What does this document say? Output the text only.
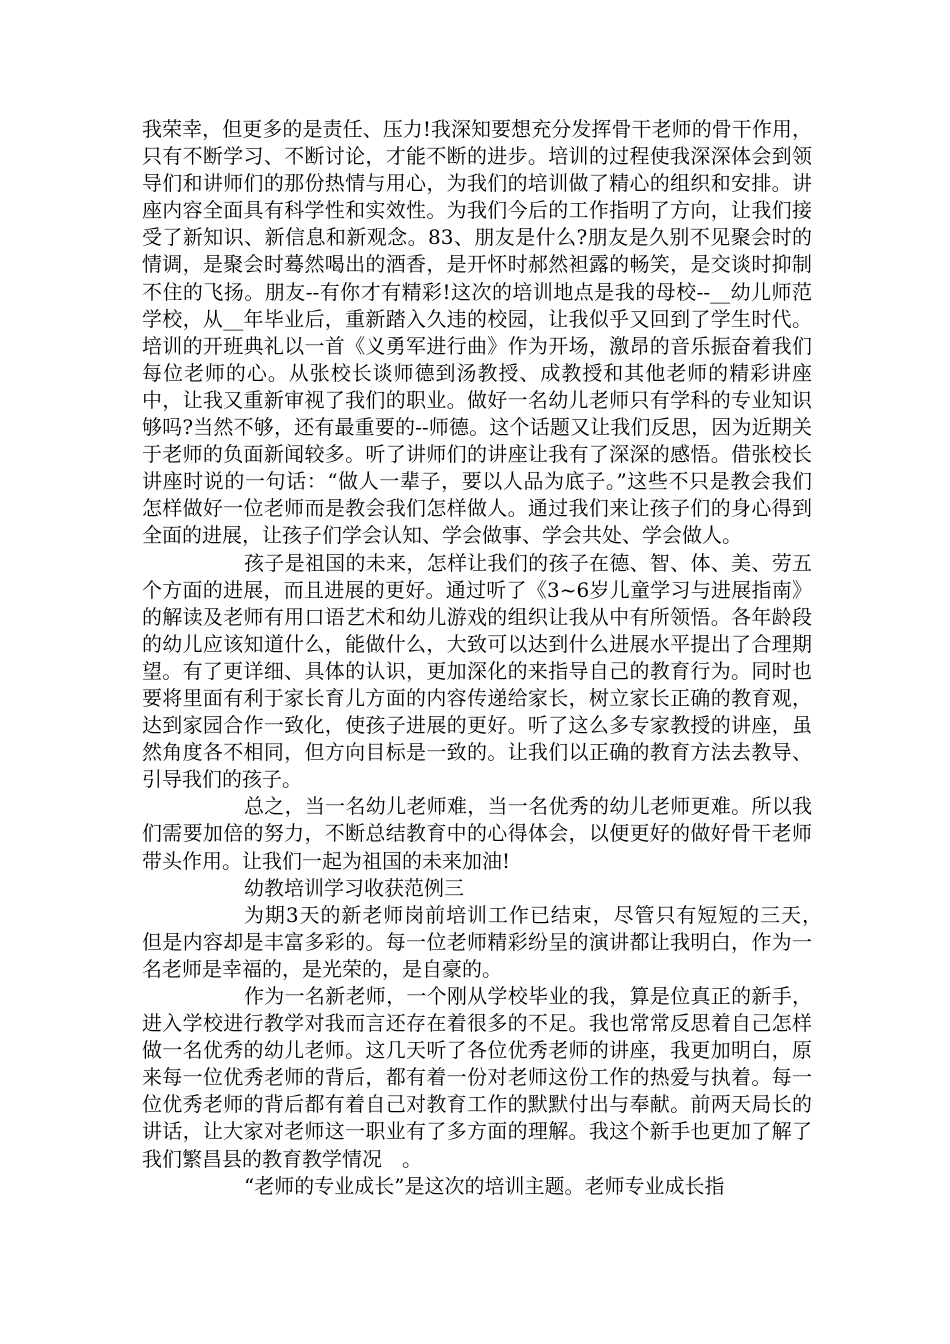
我荣幸，但更多的是责任、压力!我深知要想充分发挥骨干老师的骨干作用，只有不断学习、不断讨论，才能不断的进步。培训的过程使我深深体会到领导们和讲师们的那份热情与用心，为我们的培训做了精心的组织和安排。讲座内容全面具有科学性和实效性。为我们今后的工作指明了方向，让我们接受了新知识、新信息和新观念。83、朋友是什么?朋友是久别不见聚会时的情调，是聚会时蓦然喝出的酒香，是开怀时郝然袒露的畅笑，是交谈时抑制不住的飞扬。朋友--有你才有精彩!这次的培训地点是我的母校--__幼儿师范学校，从__年毕业后，重新踏入久违的校园，让我似乎又回到了学生时代。培训的开班典礼以一首《义勇军进行曲》作为开场，激昂的音乐振奋着我们每位老师的心。从张校长谈师德到汤教授、成教授和其他老师的精彩讲座中，让我又重新审视了我们的职业。做好一名幼儿老师只有学科的专业知识够吗?当然不够，还有最重要的--师德。这个话题又让我们反思，因为近期关于老师的负面新闻较多。听了讲师们的讲座让我有了深深的感悟。借张校长讲座时说的一句话：“做人一辈子，要以人品为底子。”这些不只是教会我们怎样做好一位老师而是教会我们怎样做人。通过我们来让孩子们的身心得到全面的进展，让孩子们学会认知、学会做事、学会共处、学会做人。

孩子是祖国的未来，怎样让我们的孩子在德、智、体、美、劳五个方面的进展，而且进展的更好。通过听了《3~6岁儿童学习与进展指南》的解读及老师有用口语艺术和幼儿游戏的组织让我从中有所领悟。各年龄段的幼儿应该知道什么，能做什么，大致可以达到什么进展水平提出了合理期望。有了更详细、具体的认识，更加深化的来指导自己的教育行为。同时也要将里面有利于家长育儿方面的内容传递给家长，树立家长正确的教育观，达到家园合作一致化，使孩子进展的更好。听了这么多专家教授的讲座，虽然角度各不相同，但方向目标是一致的。让我们以正确的教育方法去教导、引导我们的孩子。

总之，当一名幼儿老师难，当一名优秀的幼儿老师更难。所以我们需要加倍的努力，不断总结教育中的心得体会，以便更好的做好骨干老师带头作用。让我们一起为祖国的未来加油!

幼教培训学习收获范例三

为期3天的新老师岗前培训工作已结束，尽管只有短短的三天，　但是内容却是丰富多彩的。每一位老师精彩纷呈的演讲都让我明白，作为一名老师是幸福的，是光荣的，是自豪的。

作为一名新老师，一个刚从学校毕业的我，算是位真正的新手，进入学校进行教学对我而言还存在着很多的不足。我也常常反思着自己怎样做一名优秀的幼儿老师。这几天听了各位优秀老师的讲座，我更加明白，原来每一位优秀老师的背后，都有着一份对老师这份工作的热爱与执着。每一位优秀老师的背后都有着自己对教育工作的默默付出与奉献。前两天局长的讲话，让大家对老师这一职业有了多方面的理解。我这个新手也更加了解了我们繁昌县的教育教学情况　。

“老师的专业成长”是这次的培训主题。老师专业成长指
